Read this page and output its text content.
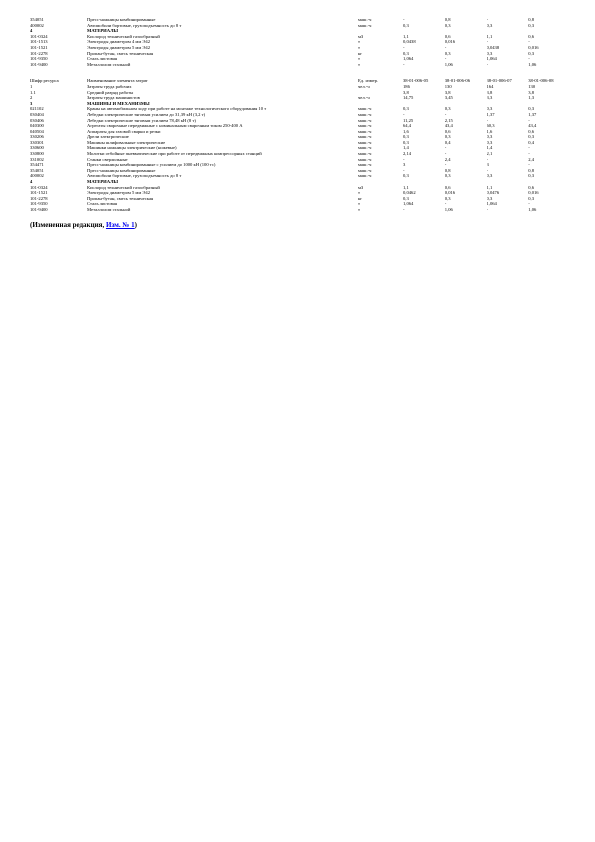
354051	Пресс-ножницы комбинированные	маш.-ч	-	0,8	-	0,8
400002	Автомобили бортовые, грузоподъемность до 8 т	маш.-ч	0,3	0,3	0,3	0,3
4	МАТЕРИАЛЫ					
101-0324	Кислород технический газообразный	м3	1,1	0,6	1,1	0,6
101-1513	Электроды диаметром 4 мм Э42	т	0,0438	0,016	-	-
101-1521	Электроды диаметром 5 мм Э42	т	-	-	0,0438	0,016
101-2278	Пропан-бутан, смесь техническая	кг	0,3	0,3	0,3	0,3
101-9350	Сталь листовая	т	1,064	-	1,064	-
101-9400	Металлолом стальной	т	-	1,06	-	1,06

Шифр ресурса	Наименование элемента затрат	Ед. измер.	38-01-006-05	38-01-006-06	38-01-006-07	38-01-006-08
1	Затраты труда рабочих	чел.-ч	186	130	164	130
1.1	Средний разряд работы		3,8	3,8	3,8	3,8
2	Затраты труда машинистов	чел.-ч	14,75	3,45	3,3	1,3
3	МАШИНЫ И МЕХАНИЗМЫ					
021102	Краны на автомобильном ходу при работе на монтаже технологического оборудования 10 т	маш.-ч	0,3	0,3	0,3	0,3
030404	Лебедки электрические тяговым усилием до 31,39 кН (3,2 т)	маш.-ч	-	-	1,37	1,37
030406	Лебедки электрические тяговым усилием 78,48 кН (8 т)	маш.-ч	11,25	2,15	-	-
040300	Агрегаты сварочные передвижные с номинальным сварочным током 250-400 А	маш.-ч	64,4	43,4	60,3	43,4
040504	Аппараты для газовой сварки и резки	маш.-ч	1,6	0,6	1,6	0,6
330206	Дрели электрические	маш.-ч	0,3	0,3	0,3	0,3
330301	Машины шлифовальные электрические	маш.-ч	0,3	0,4	0,3	0,4
330600	Машинки ножницы электрические (ножевые)	маш.-ч	1,4	-	1,4	-
330800	Молотки отбойные пневматические при работе от передвижных компрессорных станций	маш.-ч	2,14	-	2,1	-
331002	Станки сверлильные	маш.-ч	-	2,4	-	2,4
354471	Пресс-ножницы комбинированные с усилием до 1000 кН (100 тс)	маш.-ч	3	-	3	-
354051	Пресс-ножницы комбинированные	маш.-ч	-	0,8	-	0,8
400002	Автомобили бортовые, грузоподъемность до 8 т	маш.-ч	0,3	0,3	0,3	0,3
4	МАТЕРИАЛЫ					
101-0324	Кислород технический газообразный	м3	1,1	0,6	1,1	0,6
101-1521	Электроды диаметром 5 мм Э42	т	0,0462	0,016	0,0476	0,016
101-2278	Пропан-бутан, смесь техническая	кг	0,3	0,3	0,3	0,3
101-9350	Сталь листовая	т	1,064	-	1,064	-
101-9400	Металлолом стальной	т	-	1,06	-	1,06
(Измененная редакция, Изм. № 1)
